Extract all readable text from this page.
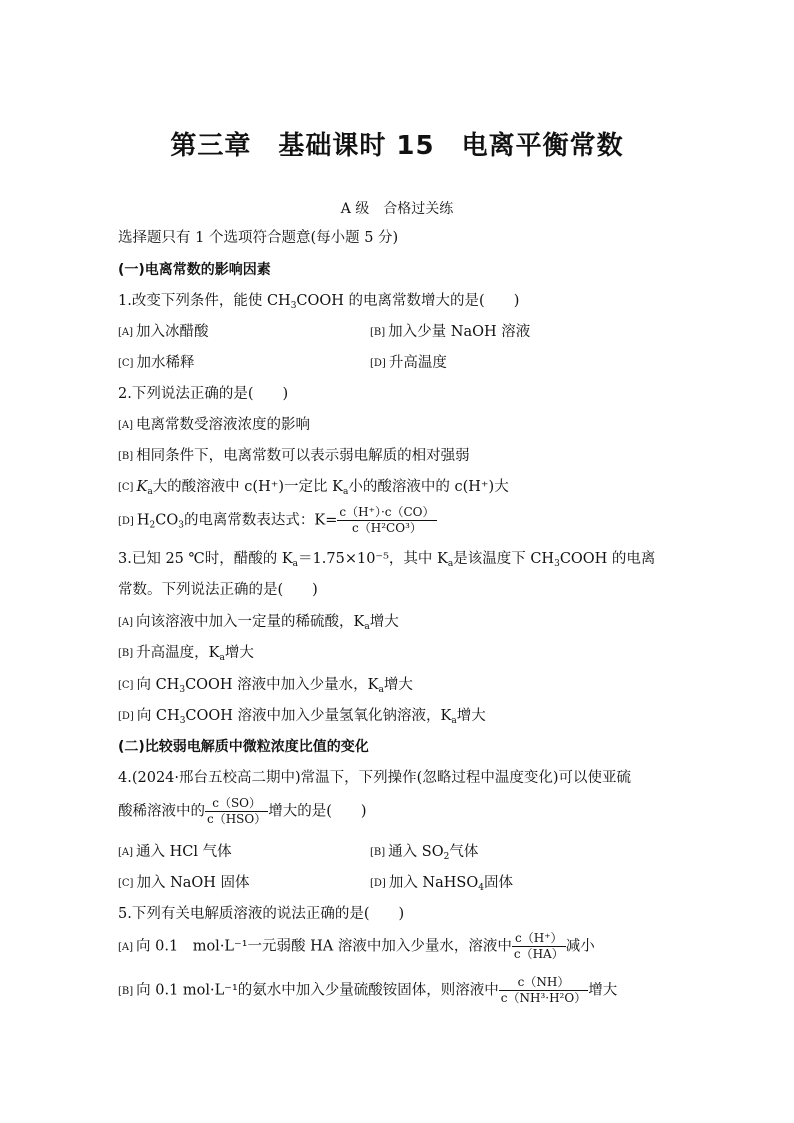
第三章　基础课时 15　电离平衡常数
A 级　合格过关练
选择题只有 1 个选项符合题意(每小题 5 分)
(一)电离常数的影响因素
1.改变下列条件，能使 $CH_3COOH$ 的电离常数增大的是(　　)
[A] 加入冰醋酸	[B] 加入少量 NaOH 溶液
[C] 加水稀释	[D] 升高温度
2.下列说法正确的是(　　)
[A] 电离常数受溶液浓度的影响
[B] 相同条件下，电离常数可以表示弱电解质的相对强弱
[C] $K_a$大的酸溶液中 c(H⁺)一定比 $K_a$小的酸溶液中的 c(H⁺)大
[D] $H_2CO_3$的电离常数表达式：$K= \frac{c(H^+)\cdot c(CO)}{\text{c（H²CO³）}}$
3.已知 25 ℃时，醋酸的 $K_a=1.75\times 10^{-5}$，其中 $K_a$是该温度下 $CH_3COOH$ 的电离
常数。下列说法正确的是(　　)
[A] 向该溶液中加入一定量的稀硫酸，$K_a$增大
[B] 升高温度，$K_a$增大
[C] 向 $CH_3COOH$ 溶液中加入少量水，$K_a$增大
[D] 向 $CH_3COOH$ 溶液中加入少量氢氧化钠溶液，$K_a$增大
(二)比较弱电解质中微粒浓度比值的变化
4.(2024·邢台五校高二期中)常温下，下列操作(忽略过程中温度变化)可以使亚硫
酸稀溶液中的 $\frac{c(SO)}{\text{c（HSO）}}$ 增大的是(　　)
[A] 通入 HCl 气体	[B] 通入 $SO_2$气体
[C] 加入 NaOH 固体	[D] 加入 NaHSO$_4$固体
5.下列有关电解质溶液的说法正确的是(　　)
[A] 向 0.1　mol·L⁻¹一元弱酸 HA 溶液中加入少量水，溶液中 $\frac{c(H^+)}{c(HA)}$ 减小
[B] 向 0.1 mol·L⁻¹的氨水中加入少量硫酸铵固体，则溶液中 $\frac{c(NH)}{\text{c（NH³·H²O）}}$ 增大
